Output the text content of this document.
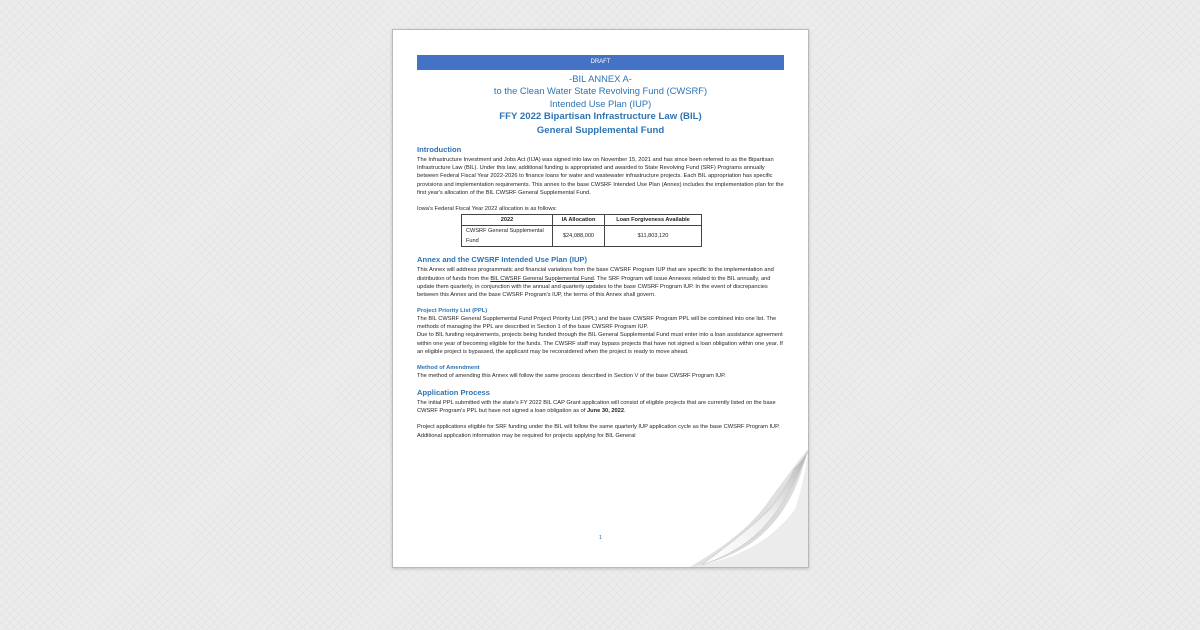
DRAFT
-BIL ANNEX A-
to the Clean Water State Revolving Fund (CWSRF)
Intended Use Plan (IUP)
FFY 2022 Bipartisan Infrastructure Law (BIL)
General Supplemental Fund
Introduction

The Infrastructure Investment and Jobs Act (IIJA) was signed into law on November 15, 2021 and has since been referred to as the Bipartisan Infrastructure Law (BIL). Under this law, additional funding is appropriated and awarded to State Revolving Fund (SRF) Programs annually between Federal Fiscal Year 2022-2026 to finance loans for water and wastewater infrastructure projects. Each BIL appropriation has specific provisions and implementation requirements. This annex to the base CWSRF Intended Use Plan (Annex) includes the implementation plan for the first year's allocation of the BIL CWSRF General Supplemental Fund.

Iowa's Federal Fiscal Year 2022 allocation is as follows:

2022	IA Allocation	Loan Forgiveness Available
CWSRF General Supplemental Fund	$24,088,000	$11,803,120
Annex and the CWSRF Intended Use Plan (IUP)

This Annex will address programmatic and financial variations from the base CWSRF Program IUP that are specific to the implementation and distribution of funds from the BIL CWSRF General Supplemental Fund. The SRF Program will issue Annexes related to the BIL annually, and update them quarterly, in conjunction with the annual and quarterly updates to the base CWSRF Program IUP. In the event of discrepancies between this Annex and the base CWSRF Program's IUP, the terms of this Annex shall govern.

Project Priority List (PPL)

The BIL CWSRF General Supplemental Fund Project Priority List (PPL) and the base CWSRF Program PPL will be combined into one list. The methods of managing the PPL are described in Section 1 of the base CWSRF Program IUP.

Due to BIL funding requirements, projects being funded through the BIL General Supplemental Fund must enter into a loan assistance agreement within one year of becoming eligible for the funds. The CWSRF staff may bypass projects that have not signed a loan obligation within one year. If an eligible project is bypassed, the applicant may be reconsidered when the project is ready to move ahead.

Method of Amendment

The method of amending this Annex will follow the same process described in Section V of the base CWSRF Program IUP.

Application Process

The initial PPL submitted with the state's FY 2022 BIL CAP Grant application will consist of eligible projects that are currently listed on the base CWSRF Program's PPL but have not signed a loan obligation as of June 30, 2022.

Project applications eligible for SRF funding under the BIL will follow the same quarterly IUP application cycle as the base CWSRF Program IUP. Additional application information may be required for projects applying for BIL General

1
